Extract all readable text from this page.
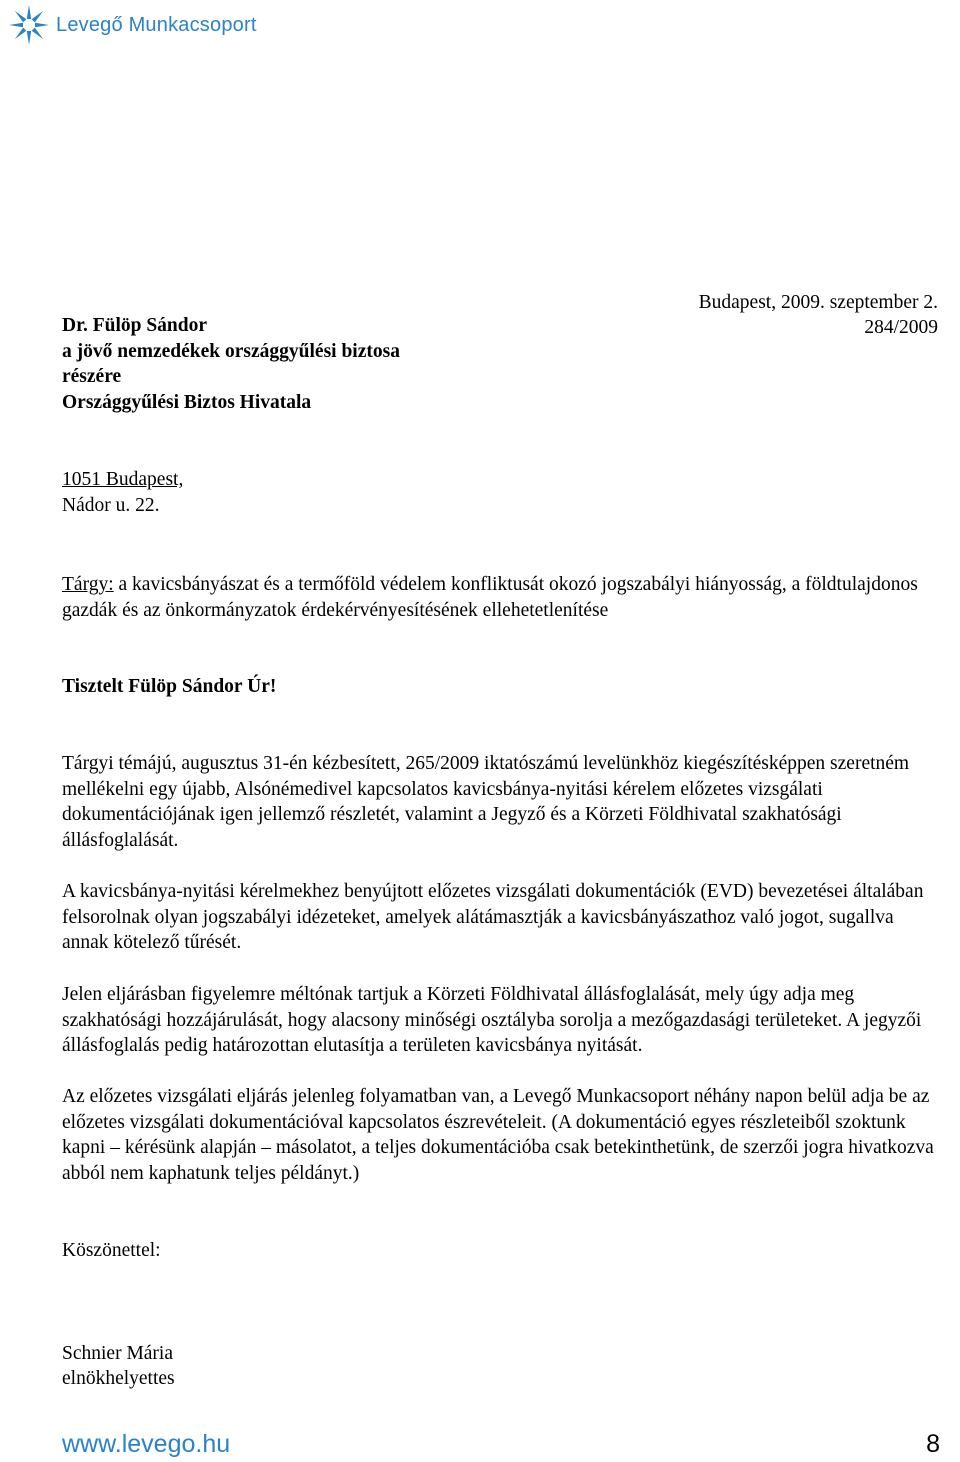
Levegő Munkacsoport
Budapest, 2009. szeptember 2.
284/2009
Dr. Fülöp Sándor
a jövő nemzedékek országgyűlési biztosa
részére
Országgyűlési Biztos Hivatala
1051 Budapest,
Nádor u. 22.

Tárgy: a kavicsbányászat és a termőföld védelem konfliktusát okozó jogszabályi hiányosság, a földtulajdonos gazdák és az önkormányzatok érdekérvényesítésének ellehetetlenítése

Tisztelt Fülöp Sándor Úr!

Tárgyi témájú, augusztus 31-én kézbesített, 265/2009 iktatószámú levelünkhöz kiegészítésképpen szeretném mellékelni egy újabb, Alsónémedivel kapcsolatos kavicsbánya-nyitási kérelem előzetes vizsgálati dokumentációjának igen jellemző részletét, valamint a Jegyző és a Körzeti Földhivatal szakhatósági állásfoglalását.

A kavicsbánya-nyitási kérelmekhez benyújtott előzetes vizsgálati dokumentációk (EVD) bevezetései általában felsorolnak olyan jogszabályi idézeteket, amelyek alátámasztják a kavicsbányászathoz való jogot, sugallva annak kötelező tűrését.

Jelen eljárásban figyelemre méltónak tartjuk a Körzeti Földhivatal állásfoglalását, mely úgy adja meg szakhatósági hozzájárulását, hogy alacsony minőségi osztályba sorolja a mezőgazdasági területeket. A jegyzői állásfoglalás pedig határozottan elutasítja a területen kavicsbánya nyitását.

Az előzetes vizsgálati eljárás jelenleg folyamatban van, a Levegő Munkacsoport néhány napon belül adja be az előzetes vizsgálati dokumentációval kapcsolatos észrevételeit. (A dokumentáció egyes részleteiből szoktunk kapni – kérésünk alapján – másolatot, a teljes dokumentációba csak betekinthetünk, de szerzői jogra hivatkozva abból nem kaphatunk teljes példányt.)

Köszönettel:
Schnier Mária
elnökhelyettes
www.levego.hu	8
